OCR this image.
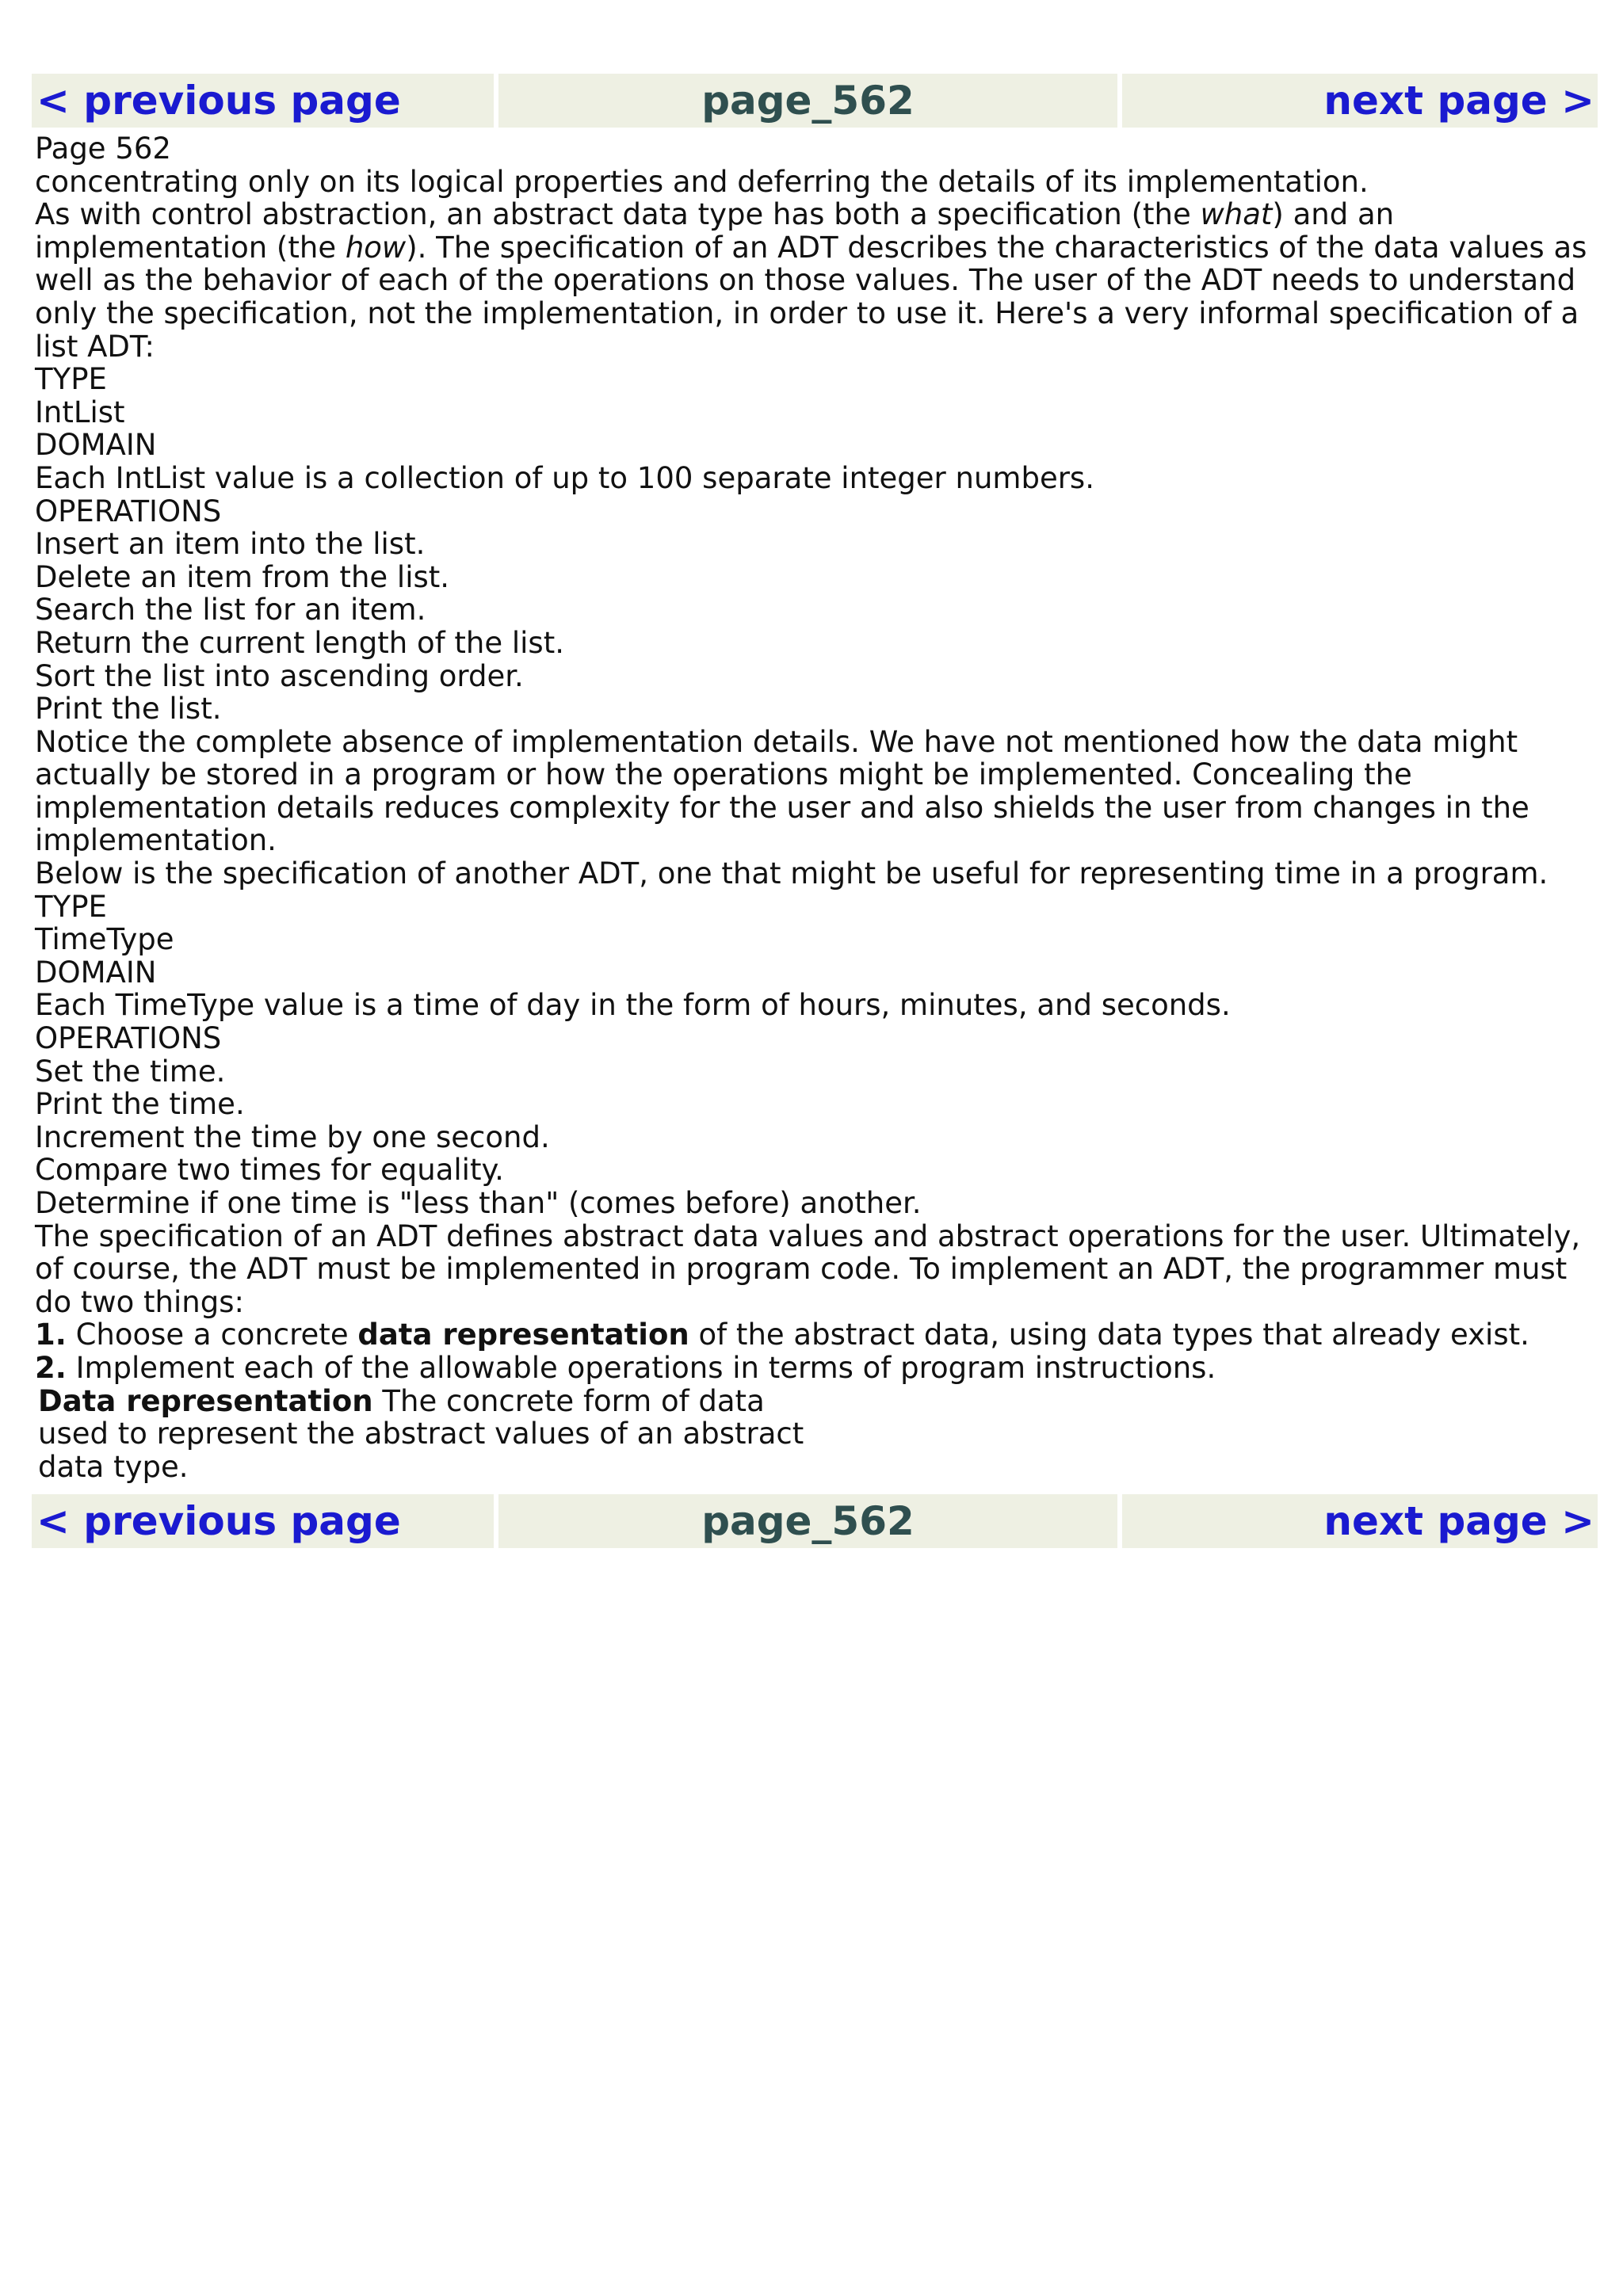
< previous page	page_562	next page >
Page 562
concentrating only on its logical properties and deferring the details of its implementation.
As with control abstraction, an abstract data type has both a specification (the what) and an
implementation (the how). The specification of an ADT describes the characteristics of the data values as
well as the behavior of each of the operations on those values. The user of the ADT needs to understand
only the specification, not the implementation, in order to use it. Here's a very informal specification of a
list ADT:
TYPE
IntList
DOMAIN
Each IntList value is a collection of up to 100 separate integer numbers.
OPERATIONS
Insert an item into the list.
Delete an item from the list.
Search the list for an item.
Return the current length of the list.
Sort the list into ascending order.
Print the list.
Notice the complete absence of implementation details. We have not mentioned how the data might
actually be stored in a program or how the operations might be implemented. Concealing the
implementation details reduces complexity for the user and also shields the user from changes in the
implementation.
Below is the specification of another ADT, one that might be useful for representing time in a program.
TYPE
TimeType
DOMAIN
Each TimeType value is a time of day in the form of hours, minutes, and seconds.
OPERATIONS
Set the time.
Print the time.
Increment the time by one second.
Compare two times for equality.
Determine if one time is "less than" (comes before) another.
The specification of an ADT defines abstract data values and abstract operations for the user. Ultimately,
of course, the ADT must be implemented in program code. To implement an ADT, the programmer must
do two things:
1. Choose a concrete data representation of the abstract data, using data types that already exist.
2. Implement each of the allowable operations in terms of program instructions.
Data representation The concrete form of data
used to represent the abstract values of an abstract
data type.
< previous page	page_562	next page >
